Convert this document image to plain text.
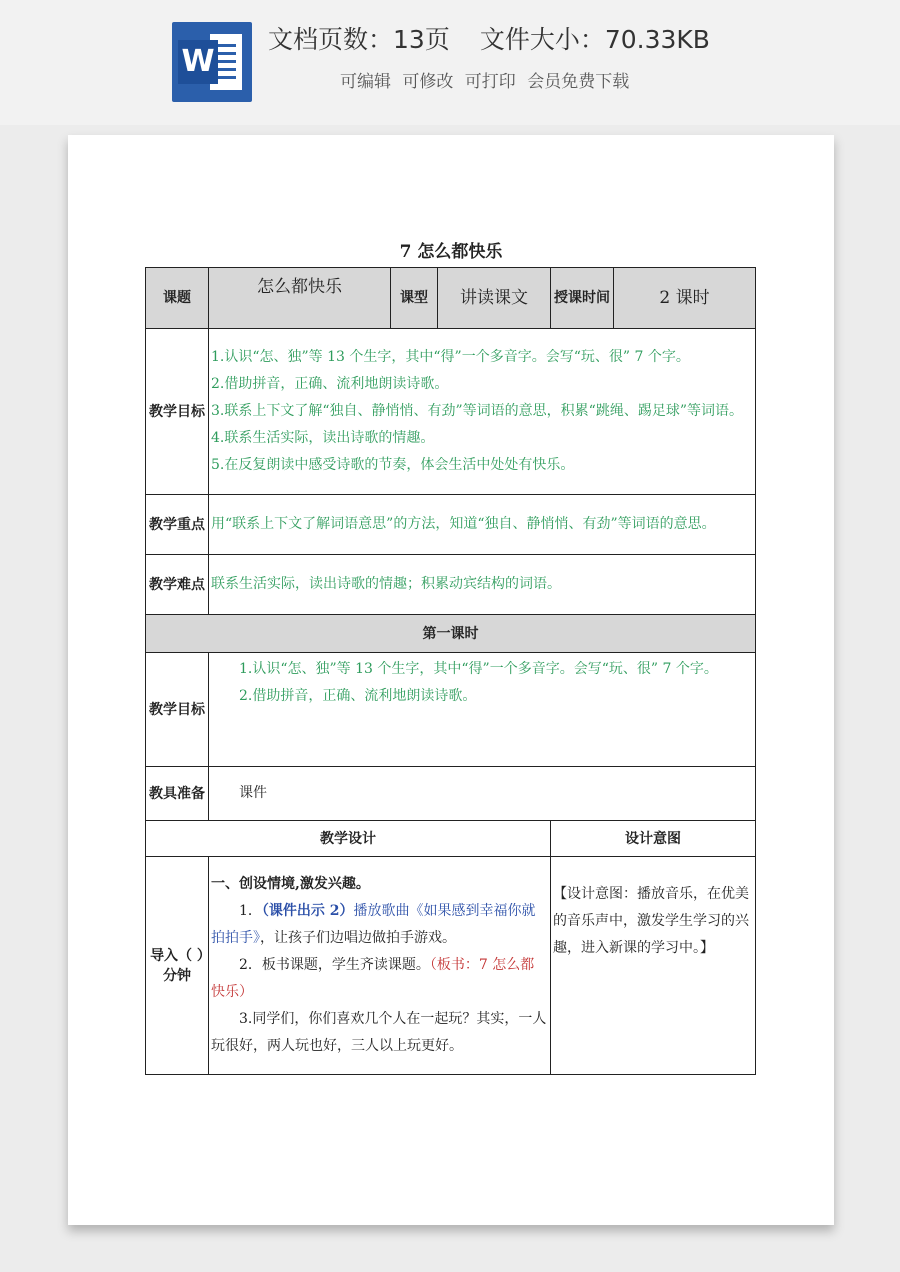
W
文档页数：13页 文件大小：70.33KB
可编辑 可修改 可打印 会员免费下载
7 怎么都快乐
课题	怎么都快乐	课型	讲读课文	授课时间	2 课时
教学目标	1.认识“怎、独”等 13 个生字，其中“得”一个多音字。会写“玩、很” 7 个字。

2.借助拼音，正确、流利地朗读诗歌。

3.联系上下文了解“独自、静悄悄、有劲”等词语的意思，积累“跳绳、踢足球”等词语。

4.联系生活实际，读出诗歌的情趣。

5.在反复朗读中感受诗歌的节奏，体会生活中处处有快乐。				

教学重点	用“联系上下文了解词语意思”的方法，知道“独自、静悄悄、有劲”等词语的意思。				
教学难点	联系生活实际，读出诗歌的情趣；积累动宾结构的词语。				
第一课时					
教学目标	1.认识“怎、独”等 13 个生字，其中“得”一个多音字。会写“玩、很” 7 个字。

2.借助拼音，正确、流利地朗读诗歌。				

教具准备	课件				
教学设计				设计意图	
导入（ ）分钟	一、创设情境,激发兴趣。

1．（课件出示 2）播放歌曲《如果感到幸福你就拍拍手》，让孩子们边唱边做拍手游戏。

2．板书课题，学生齐读课题。（板书：7 怎么都快乐）

3.同学们，你们喜欢几个人在一起玩？其实，一人玩很好，两人玩也好，三人以上玩更好。			【设计意图：播放音乐，在优美的音乐声中，激发学生学习的兴趣，进入新课的学习中。】	
